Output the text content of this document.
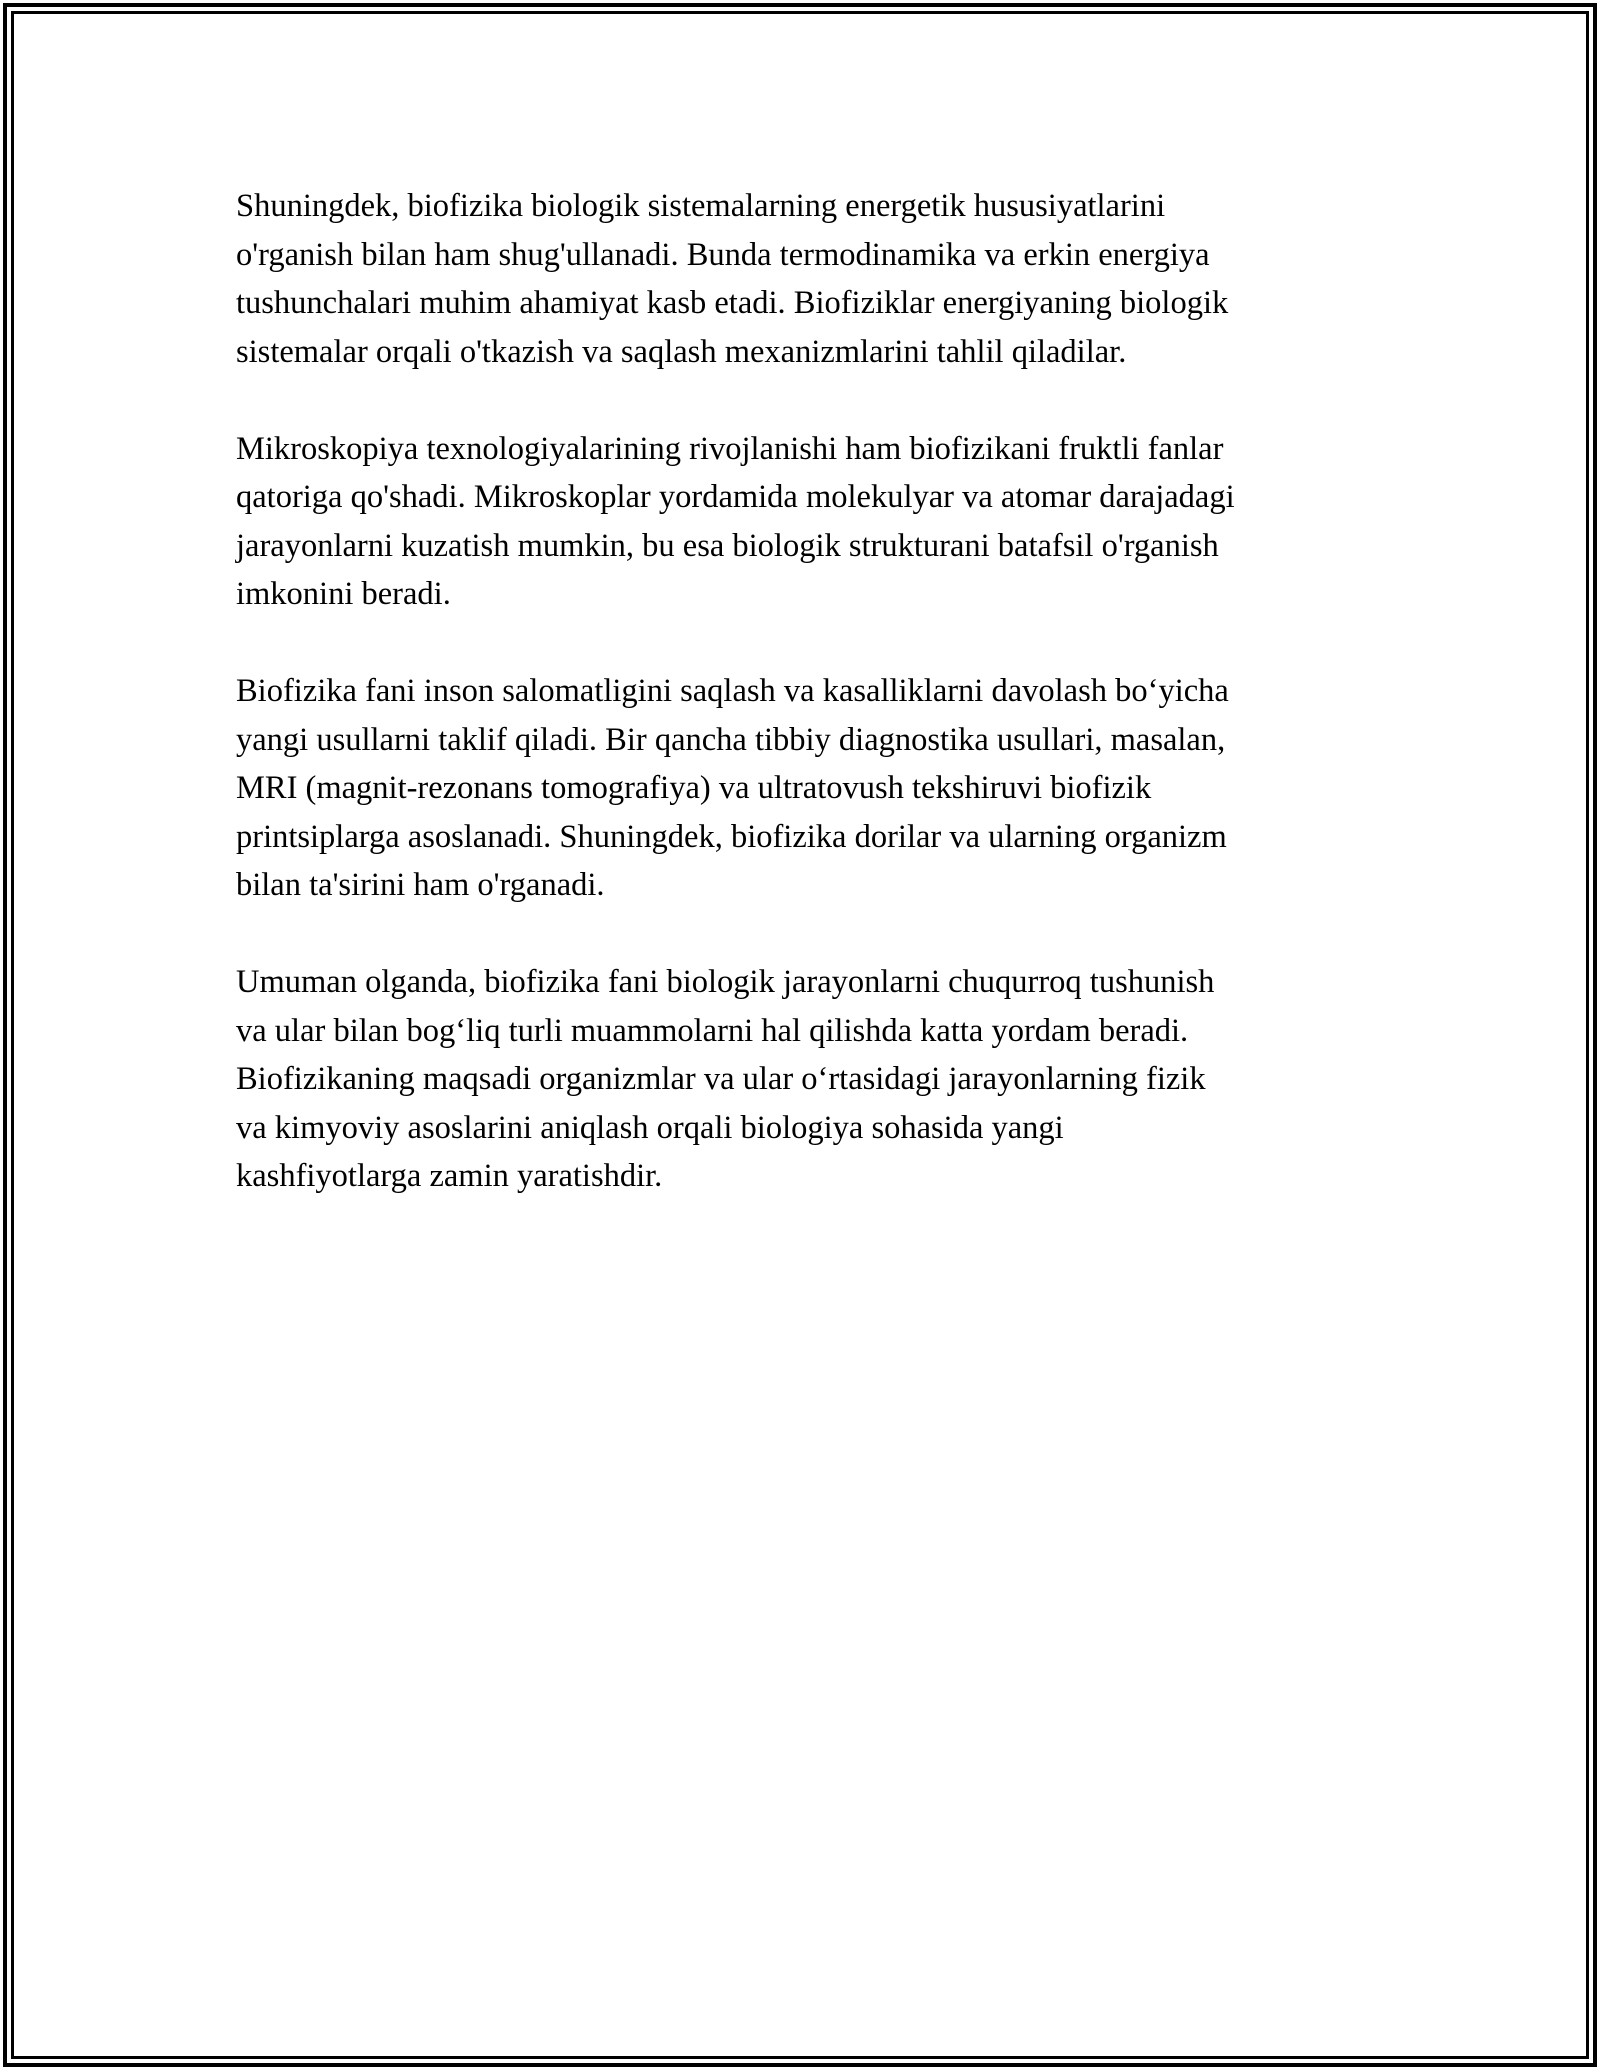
Shuningdek, biofizika biologik sistemalarning energetik hususiyatlarini
o'rganish bilan ham shug'ullanadi. Bunda termodinamika va erkin energiya
tushunchalari muhim ahamiyat kasb etadi. Biofiziklar energiyaning biologik
sistemalar orqali o'tkazish va saqlash mexanizmlarini tahlil qiladilar.

Mikroskopiya texnologiyalarining rivojlanishi ham biofizikani fruktli fanlar
qatoriga qo'shadi. Mikroskoplar yordamida molekulyar va atomar darajadagi
jarayonlarni kuzatish mumkin, bu esa biologik strukturani batafsil o'rganish
imkonini beradi.

Biofizika fani inson salomatligini saqlash va kasalliklarni davolash bo‘yicha
yangi usullarni taklif qiladi. Bir qancha tibbiy diagnostika usullari, masalan,
MRI (magnit-rezonans tomografiya) va ultratovush tekshiruvi biofizik
printsiplarga asoslanadi. Shuningdek, biofizika dorilar va ularning organizm
bilan ta'sirini ham o'rganadi.

Umuman olganda, biofizika fani biologik jarayonlarni chuqurroq tushunish
va ular bilan bog‘liq turli muammolarni hal qilishda katta yordam beradi.
Biofizikaning maqsadi organizmlar va ular o‘rtasidagi jarayonlarning fizik
va kimyoviy asoslarini aniqlash orqali biologiya sohasida yangi
kashfiyotlarga zamin yaratishdir.
